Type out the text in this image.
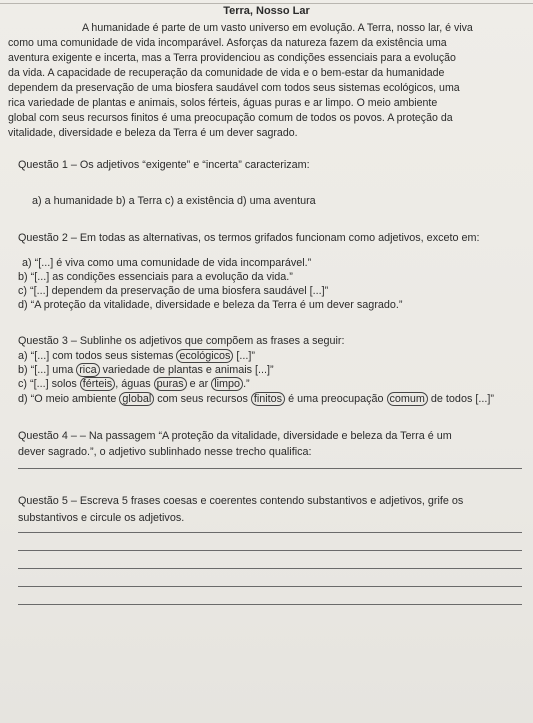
Terra, Nosso Lar
A humanidade é parte de um vasto universo em evolução. A Terra, nosso lar, é viva
como uma comunidade de vida incomparável. Asforças da natureza fazem da existência uma
aventura exigente e incerta, mas a Terra providenciou as condições essenciais para a evolução
da vida. A capacidade de recuperação da comunidade de vida e o bem-estar da humanidade
dependem da preservação de uma biosfera saudável com todos seus sistemas ecológicos, uma
rica variedade de plantas e animais, solos férteis, águas puras e ar limpo. O meio ambiente
global com seus recursos finitos é uma preocupação comum de todos os povos. A proteção da
vitalidade, diversidade e beleza da Terra é um dever sagrado.
Questão 1 – Os adjetivos “exigente” e “incerta” caracterizam:
a) a humanidade b) a Terra c) a existência d) uma aventura
Questão 2 – Em todas as alternativas, os termos grifados funcionam como adjetivos, exceto em:
a) “[...] é viva como uma comunidade de vida incomparável.”
b) “[...] as condições essenciais para a evolução da vida.”
c) “[...] dependem da preservação de uma biosfera saudável [...]”
d) “A proteção da vitalidade, diversidade e beleza da Terra é um dever sagrado.”
Questão 3 – Sublinhe os adjetivos que compõem as frases a seguir:
a) “[...] com todos seus sistemas ecológicos [...]”
b) “[...] uma rica variedade de plantas e animais [...]”
c) “[...] solos férteis , águas puras e ar limpo .”
d) “O meio ambiente global com seus recursos finitos é uma preocupação comum de todos [...]”
Questão 4 – – Na passagem “A proteção da vitalidade, diversidade e beleza da Terra é um
dever sagrado.”, o adjetivo sublinhado nesse trecho qualifica:
Questão 5 – Escreva 5 frases coesas e coerentes contendo substantivos e adjetivos, grife os
substantivos e circule os adjetivos.
